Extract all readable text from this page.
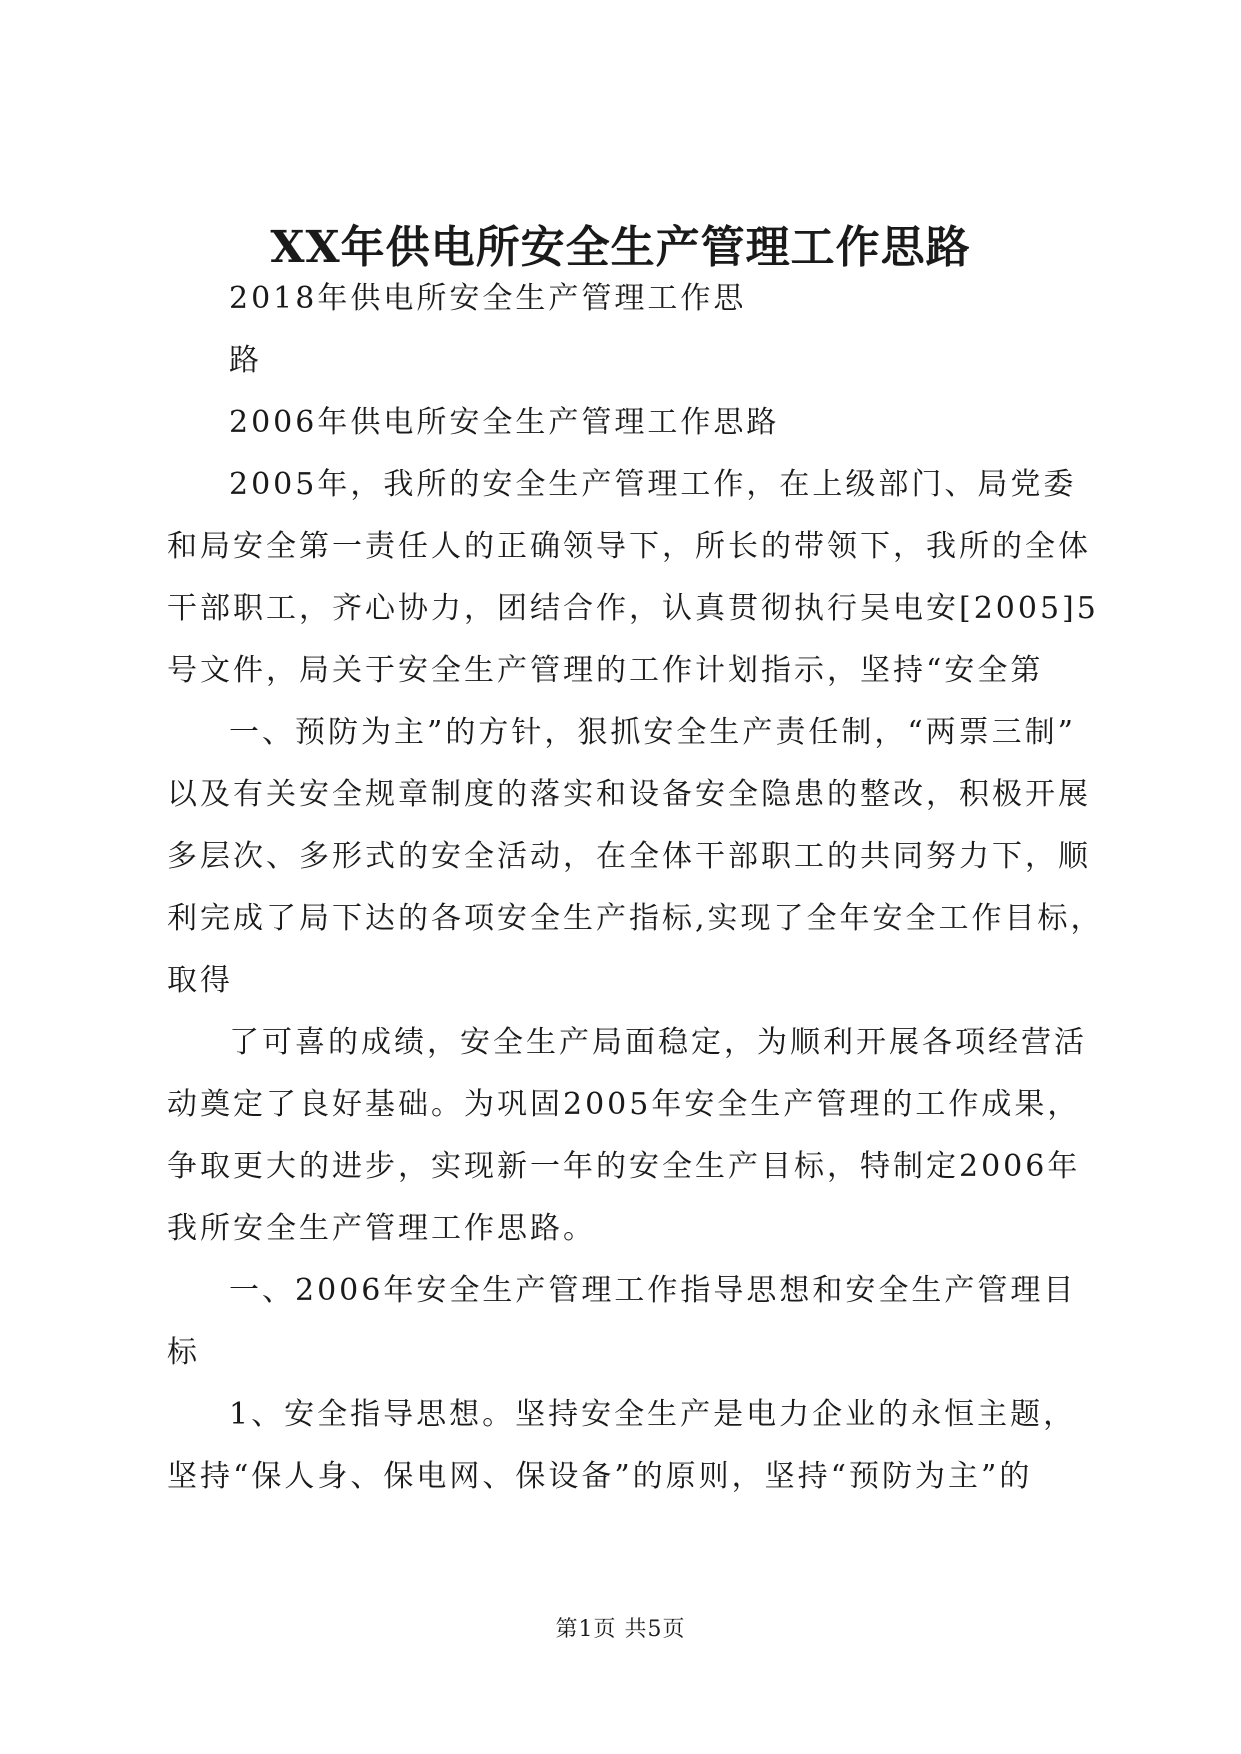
XX年供电所安全生产管理工作思路
2018年供电所安全生产管理工作思
路
2006年供电所安全生产管理工作思路
2005年，我所的安全生产管理工作，在上级部门、局党委
和局安全第一责任人的正确领导下，所长的带领下，我所的全体
干部职工，齐心协力，团结合作，认真贯彻执行吴电安[2005]5
号文件，局关于安全生产管理的工作计划指示，坚持“安全第
一、预防为主”的方针，狠抓安全生产责任制，“两票三制”
以及有关安全规章制度的落实和设备安全隐患的整改，积极开展
多层次、多形式的安全活动，在全体干部职工的共同努力下，顺
利完成了局下达的各项安全生产指标,实现了全年安全工作目标，
取得
了可喜的成绩，安全生产局面稳定，为顺利开展各项经营活
动奠定了良好基础。为巩固2005年安全生产管理的工作成果，
争取更大的进步，实现新一年的安全生产目标，特制定2006年
我所安全生产管理工作思路。
一、2006年安全生产管理工作指导思想和安全生产管理目
标
1、安全指导思想。坚持安全生产是电力企业的永恒主题，
坚持“保人身、保电网、保设备”的原则，坚持“预防为主”的
第1页 共5页
